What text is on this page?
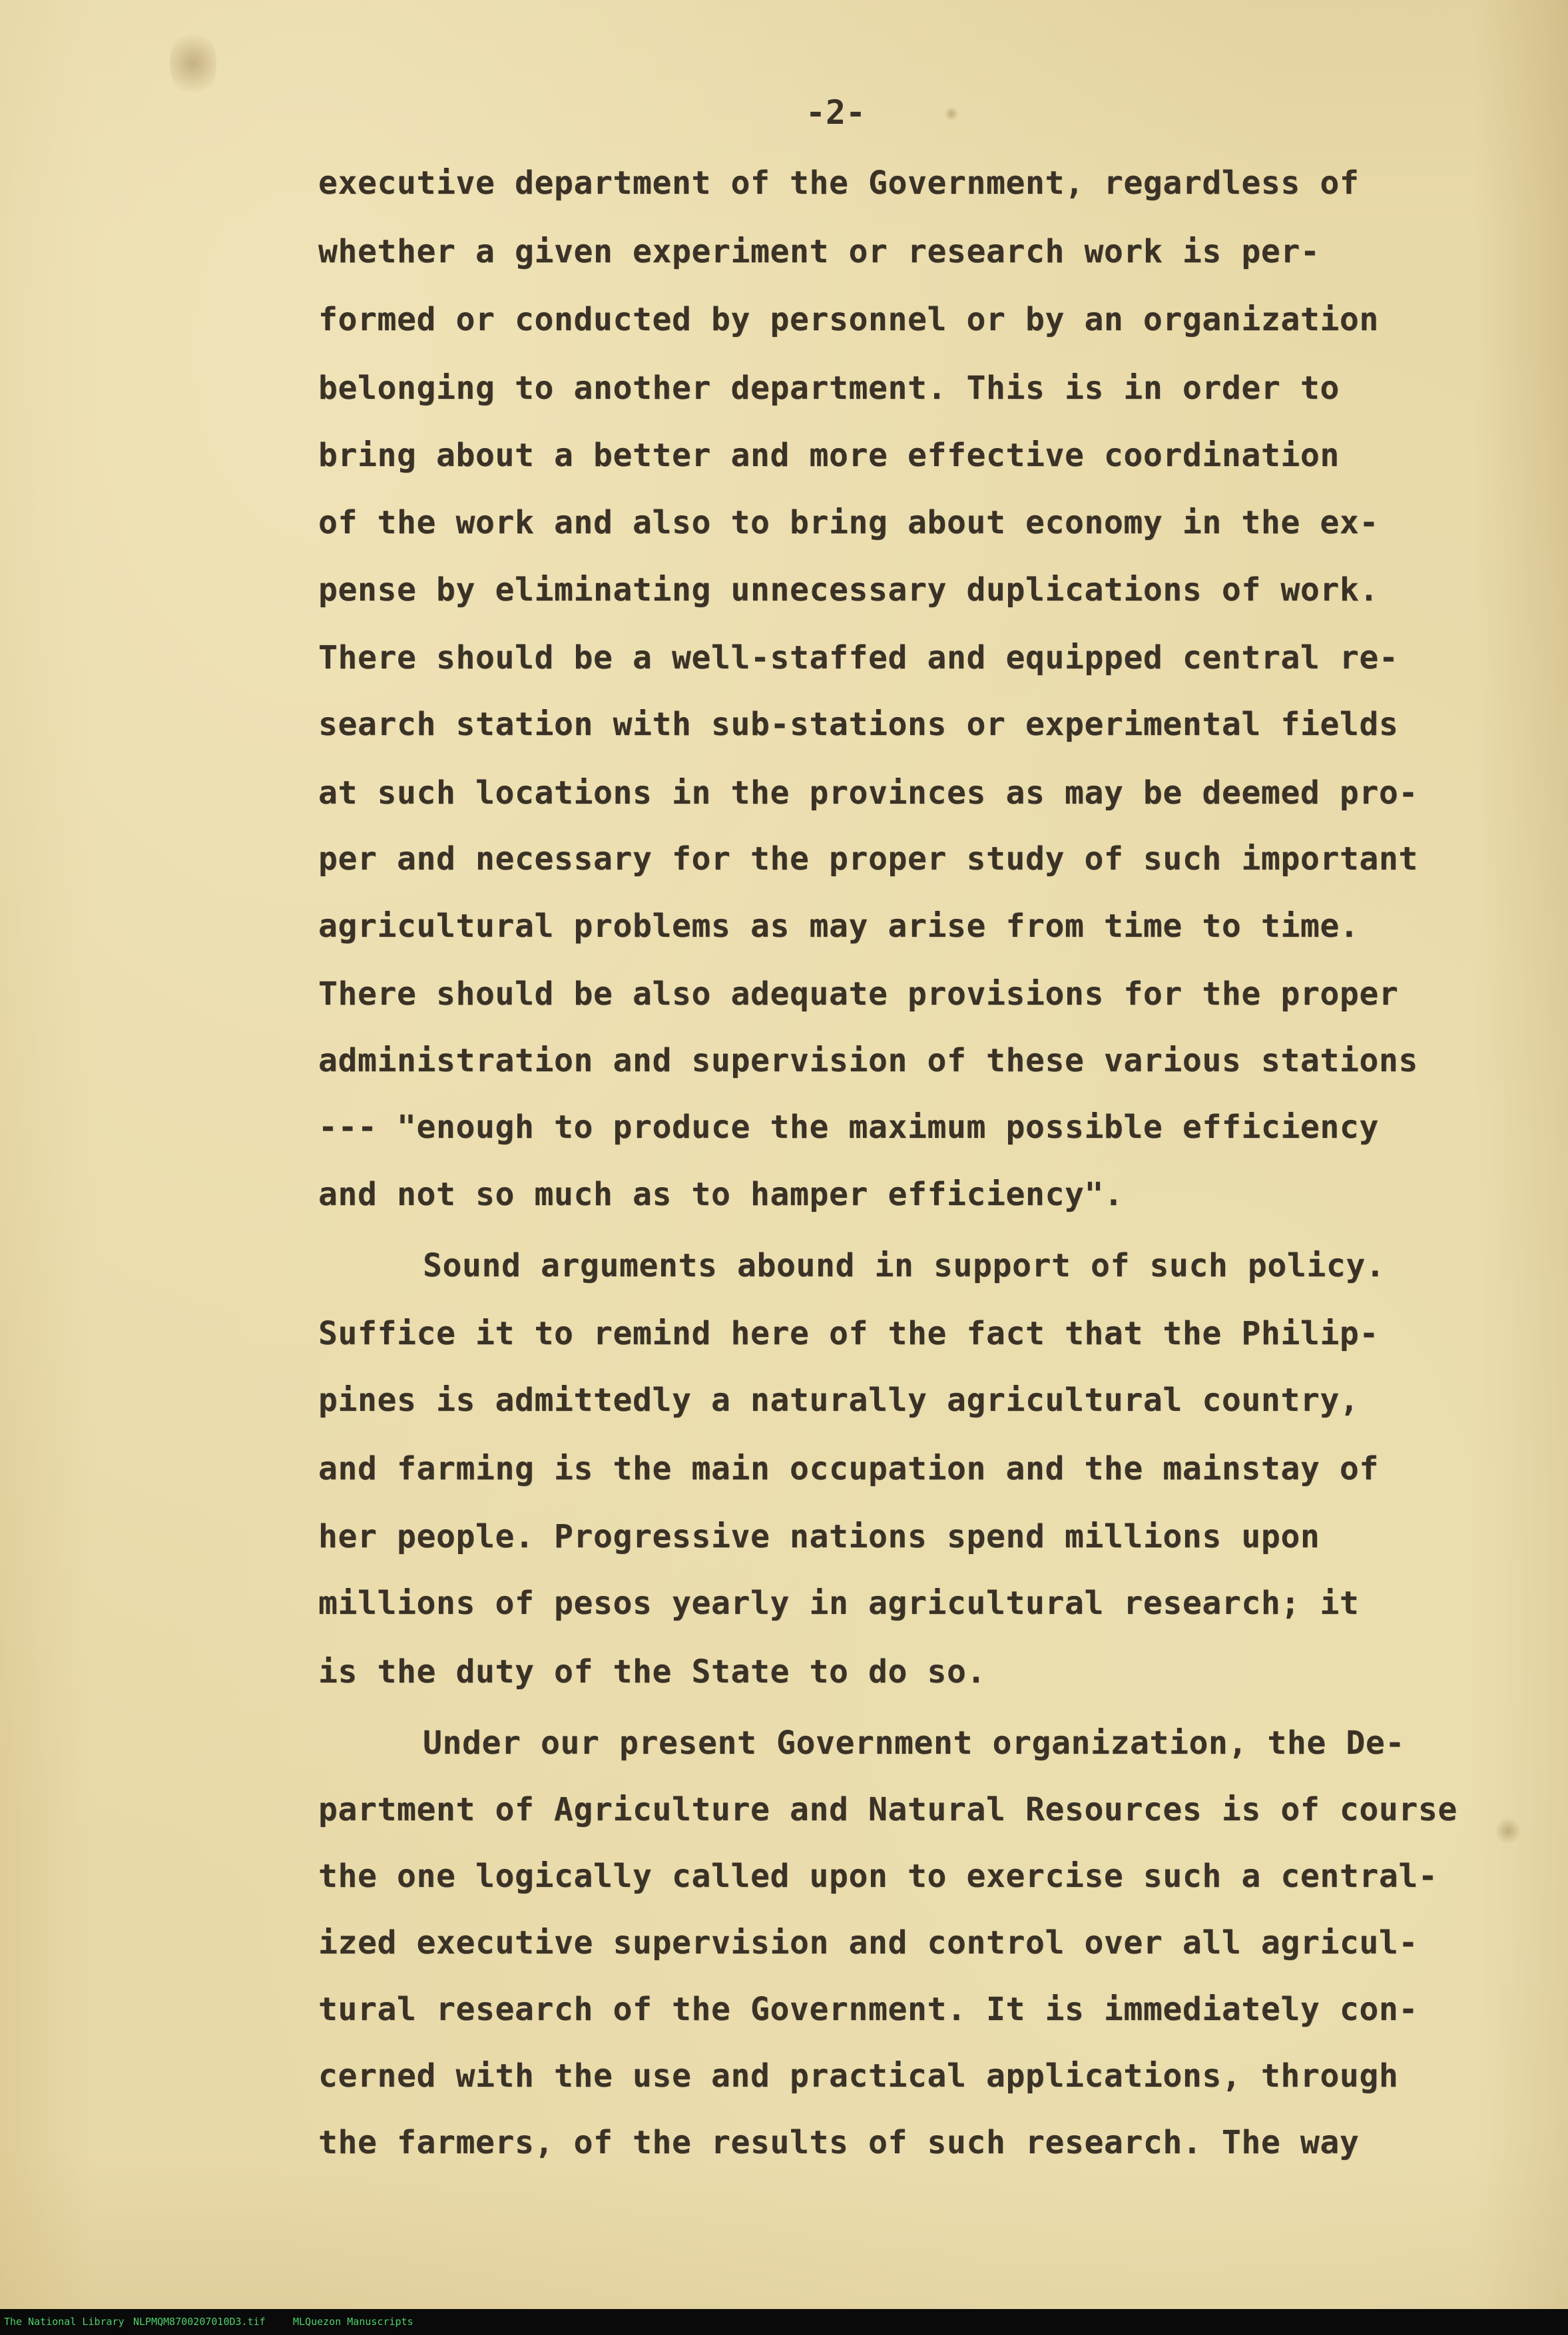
-2-
executive department of the Government, regardless of
whether a given experiment or research work is per-
formed or conducted by personnel or by an organization
belonging to another department. This is in order to
bring about a better and more effective coordination
of the work and also to bring about economy in the ex-
pense by eliminating unnecessary duplications of work.
There should be a well-staffed and equipped central re-
search station with sub-stations or experimental fields
at such locations in the provinces as may be deemed pro-
per and necessary for the proper study of such important
agricultural problems as may arise from time to time.
There should be also adequate provisions for the proper
administration and supervision of these various stations
--- "enough to produce the maximum possible efficiency
and not so much as to hamper efficiency".
Sound arguments abound in support of such policy.
Suffice it to remind here of the fact that the Philip-
pines is admittedly a naturally agricultural country,
and farming is the main occupation and the mainstay of
her people. Progressive nations spend millions upon
millions of pesos yearly in agricultural research; it
is the duty of the State to do so.
Under our present Government organization, the De-
partment of Agriculture and Natural Resources is of course
the one logically called upon to exercise such a central-
ized executive supervision and control over all agricul-
tural research of the Government. It is immediately con-
cerned with the use and practical applications, through
the farmers, of the results of such research. The way
The National Library NLPMQM8700207010D3.tif	MLQuezon Manuscripts
